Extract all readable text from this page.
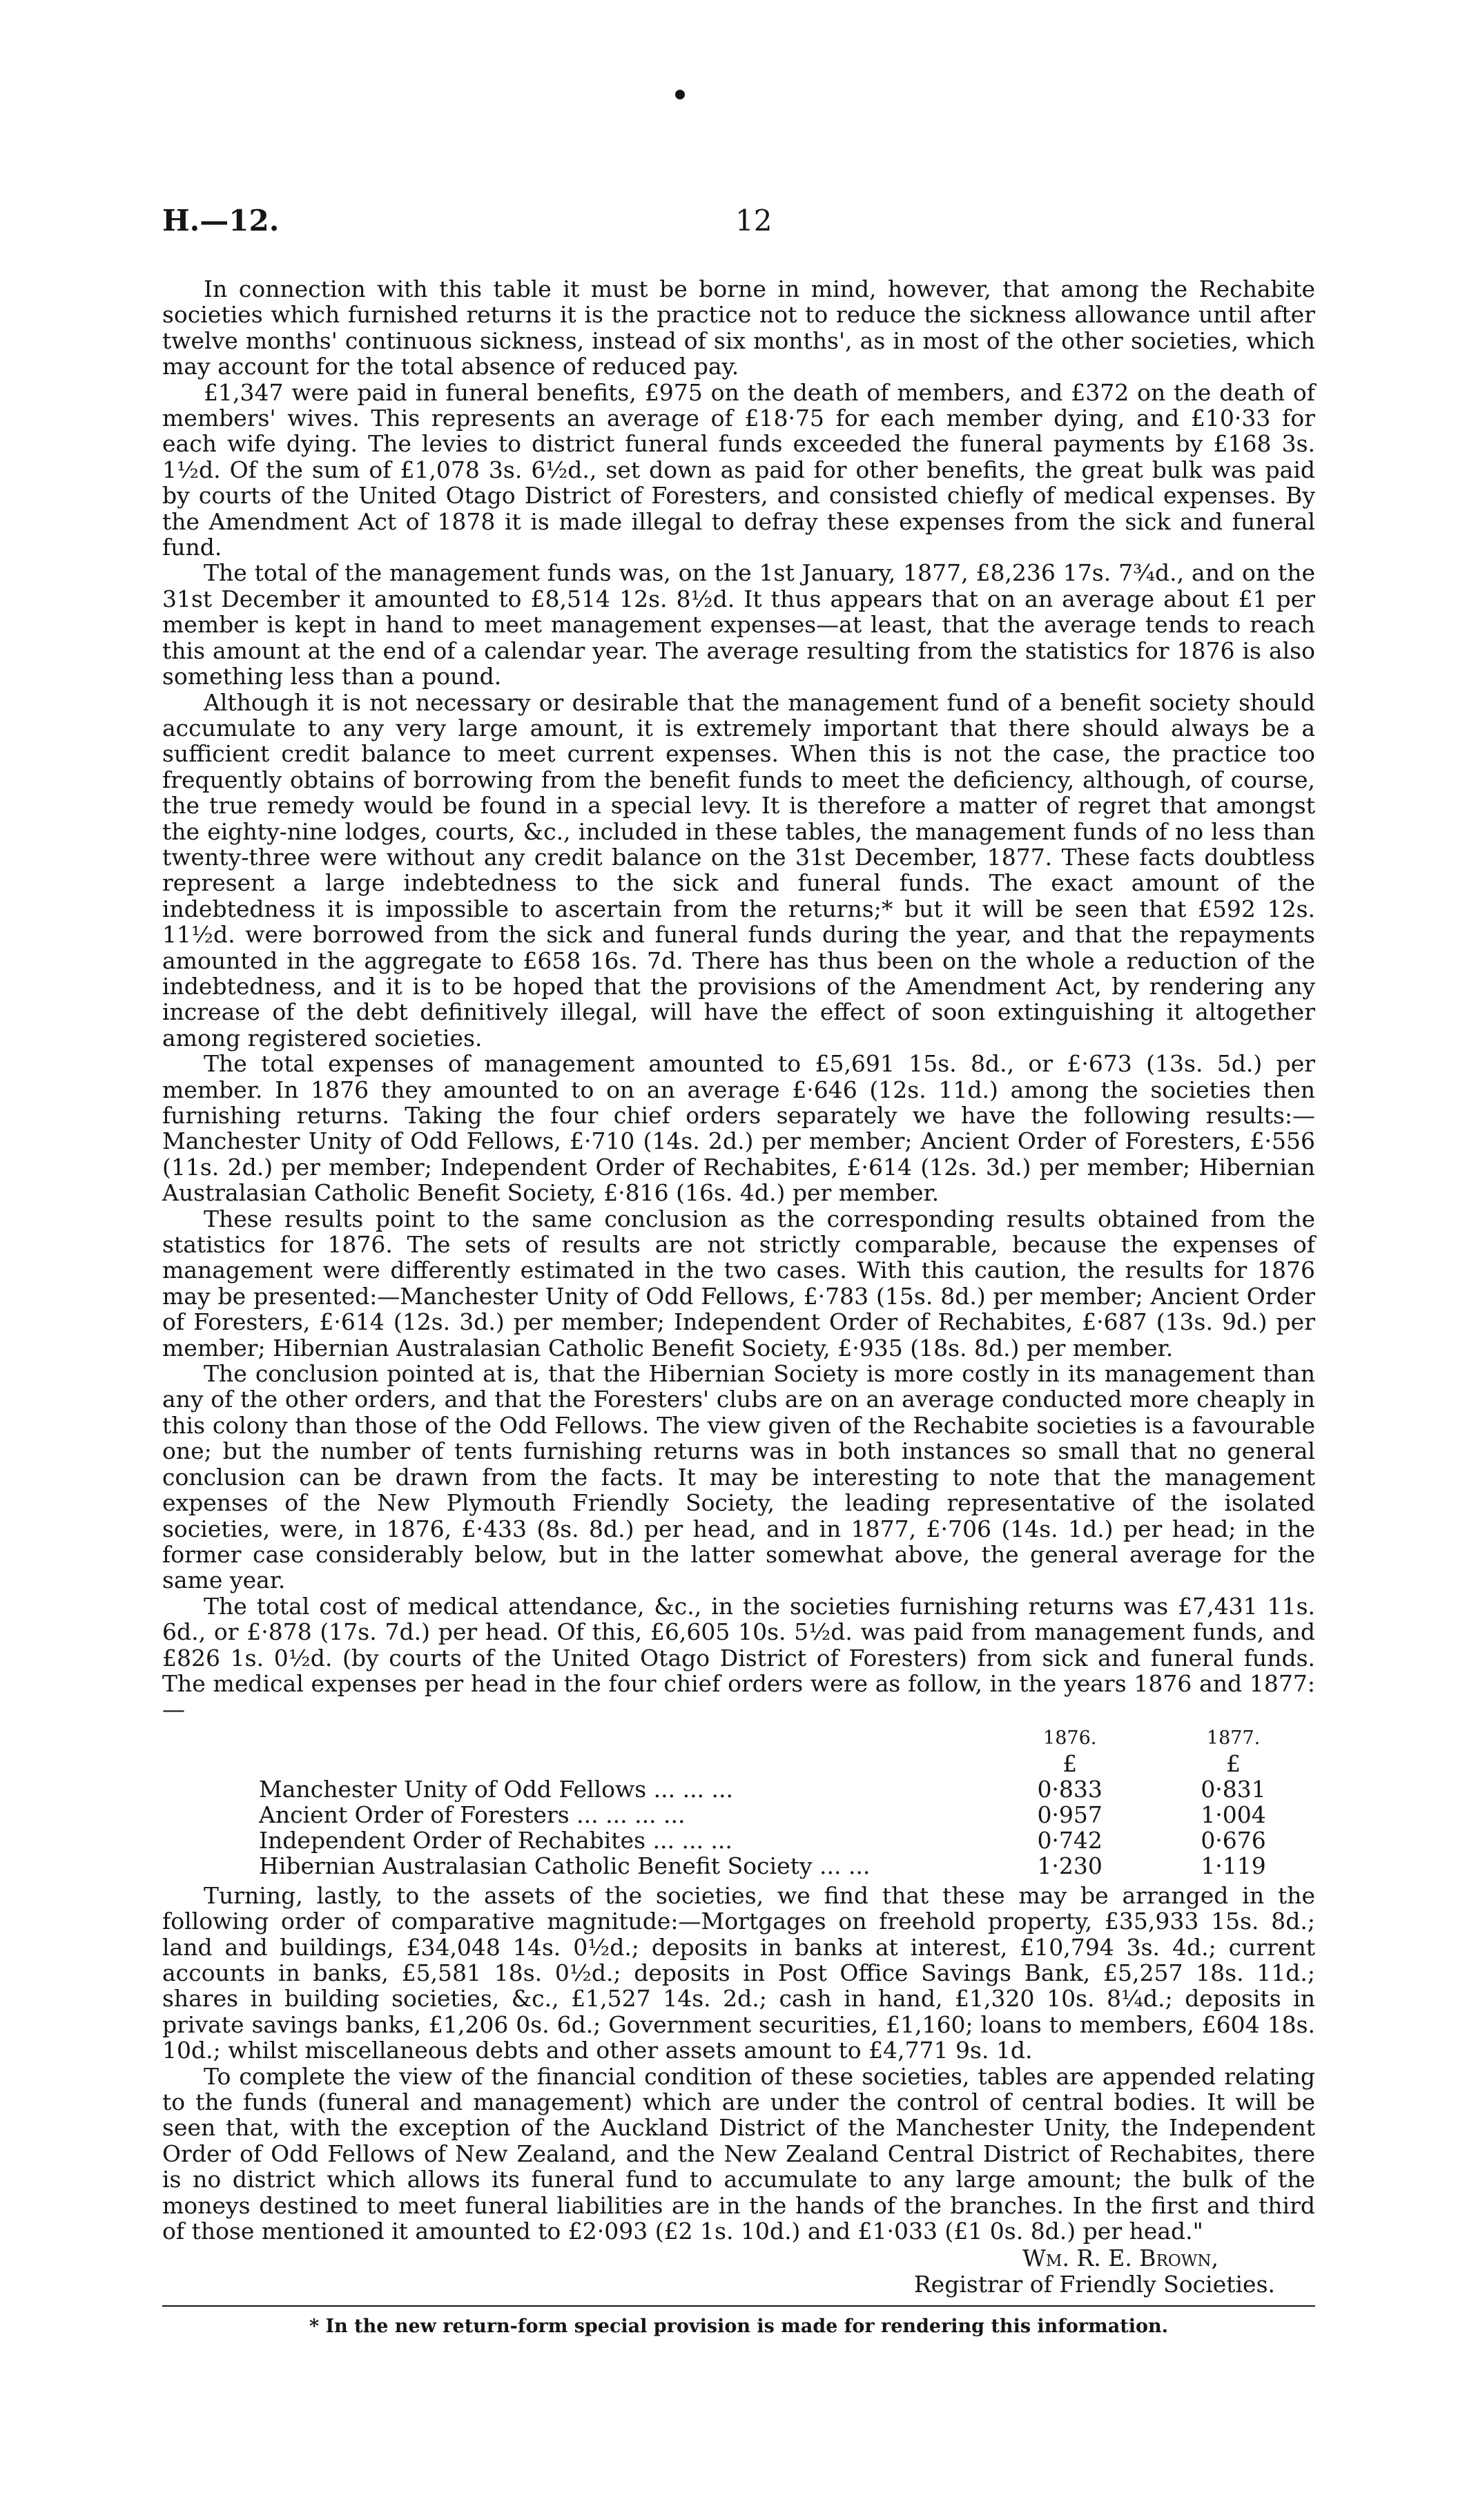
H.—12.	12

In connection with this table it must be borne in mind, however, that among the Rechabite societies which furnished returns it is the practice not to reduce the sickness allowance until after twelve months' continuous sickness, instead of six months', as in most of the other societies, which may account for the total absence of reduced pay.

£1,347 were paid in funeral benefits, £975 on the death of members, and £372 on the death of members' wives. This represents an average of £18·75 for each member dying, and £10·33 for each wife dying. The levies to district funeral funds exceeded the funeral payments by £168 3s. 1½d. Of the sum of £1,078 3s. 6½d., set down as paid for other benefits, the great bulk was paid by courts of the United Otago District of Foresters, and consisted chiefly of medical expenses. By the Amendment Act of 1878 it is made illegal to defray these expenses from the sick and funeral fund.

The total of the management funds was, on the 1st January, 1877, £8,236 17s. 7¾d., and on the 31st December it amounted to £8,514 12s. 8½d. It thus appears that on an average about £1 per member is kept in hand to meet management expenses—at least, that the average tends to reach this amount at the end of a calendar year. The average resulting from the statistics for 1876 is also something less than a pound.

Although it is not necessary or desirable that the management fund of a benefit society should accumulate to any very large amount, it is extremely important that there should always be a sufficient credit balance to meet current expenses. When this is not the case, the practice too frequently obtains of borrowing from the benefit funds to meet the deficiency, although, of course, the true remedy would be found in a special levy. It is therefore a matter of regret that amongst the eighty-nine lodges, courts, &c., included in these tables, the management funds of no less than twenty-three were without any credit balance on the 31st December, 1877. These facts doubtless represent a large indebtedness to the sick and funeral funds. The exact amount of the indebtedness it is impossible to ascertain from the returns;* but it will be seen that £592 12s. 11½d. were borrowed from the sick and funeral funds during the year, and that the repayments amounted in the aggregate to £658 16s. 7d. There has thus been on the whole a reduction of the indebtedness, and it is to be hoped that the provisions of the Amendment Act, by rendering any increase of the debt definitively illegal, will have the effect of soon extinguishing it altogether among registered societies.

The total expenses of management amounted to £5,691 15s. 8d., or £·673 (13s. 5d.) per member. In 1876 they amounted to on an average £·646 (12s. 11d.) among the societies then furnishing returns. Taking the four chief orders separately we have the following results:—Manchester Unity of Odd Fellows, £·710 (14s. 2d.) per member; Ancient Order of Foresters, £·556 (11s. 2d.) per member; Independent Order of Rechabites, £·614 (12s. 3d.) per member; Hibernian Australasian Catholic Benefit Society, £·816 (16s. 4d.) per member.

These results point to the same conclusion as the corresponding results obtained from the statistics for 1876. The sets of results are not strictly comparable, because the expenses of management were differently estimated in the two cases. With this caution, the results for 1876 may be presented:—Manchester Unity of Odd Fellows, £·783 (15s. 8d.) per member; Ancient Order of Foresters, £·614 (12s. 3d.) per member; Independent Order of Rechabites, £·687 (13s. 9d.) per member; Hibernian Australasian Catholic Benefit Society, £·935 (18s. 8d.) per member.

The conclusion pointed at is, that the Hibernian Society is more costly in its management than any of the other orders, and that the Foresters' clubs are on an average conducted more cheaply in this colony than those of the Odd Fellows. The view given of the Rechabite societies is a favourable one; but the number of tents furnishing returns was in both instances so small that no general conclusion can be drawn from the facts. It may be interesting to note that the management expenses of the New Plymouth Friendly Society, the leading representative of the isolated societies, were, in 1876, £·433 (8s. 8d.) per head, and in 1877, £·706 (14s. 1d.) per head; in the former case considerably below, but in the latter somewhat above, the general average for the same year.

The total cost of medical attendance, &c., in the societies furnishing returns was £7,431 11s. 6d., or £·878 (17s. 7d.) per head. Of this, £6,605 10s. 5½d. was paid from management funds, and £826 1s. 0½d. (by courts of the United Otago District of Foresters) from sick and funeral funds. The medical expenses per head in the four chief orders were as follow, in the years 1876 and 1877:—

	1876.	1877.
	£	£
Manchester Unity of Odd Fellows ... ... ...	0·833	0·831
Ancient Order of Foresters ... ... ... ...	0·957	1·004
Independent Order of Rechabites ... ... ...	0·742	0·676
Hibernian Australasian Catholic Benefit Society ... ...	1·230	1·119

Turning, lastly, to the assets of the societies, we find that these may be arranged in the following order of comparative magnitude:—Mortgages on freehold property, £35,933 15s. 8d.; land and buildings, £34,048 14s. 0½d.; deposits in banks at interest, £10,794 3s. 4d.; current accounts in banks, £5,581 18s. 0½d.; deposits in Post Office Savings Bank, £5,257 18s. 11d.; shares in building societies, &c., £1,527 14s. 2d.; cash in hand, £1,320 10s. 8¼d.; deposits in private savings banks, £1,206 0s. 6d.; Government securities, £1,160; loans to members, £604 18s. 10d.; whilst miscellaneous debts and other assets amount to £4,771 9s. 1d.

To complete the view of the financial condition of these societies, tables are appended relating to the funds (funeral and management) which are under the control of central bodies. It will be seen that, with the exception of the Auckland District of the Manchester Unity, the Independent Order of Odd Fellows of New Zealand, and the New Zealand Central District of Rechabites, there is no district which allows its funeral fund to accumulate to any large amount; the bulk of the moneys destined to meet funeral liabilities are in the hands of the branches. In the first and third of those mentioned it amounted to £2·093 (£2 1s. 10d.) and £1·033 (£1 0s. 8d.) per head."

Wm. R. E. Brown,
Registrar of Friendly Societies.
* In the new return-form special provision is made for rendering this information.
